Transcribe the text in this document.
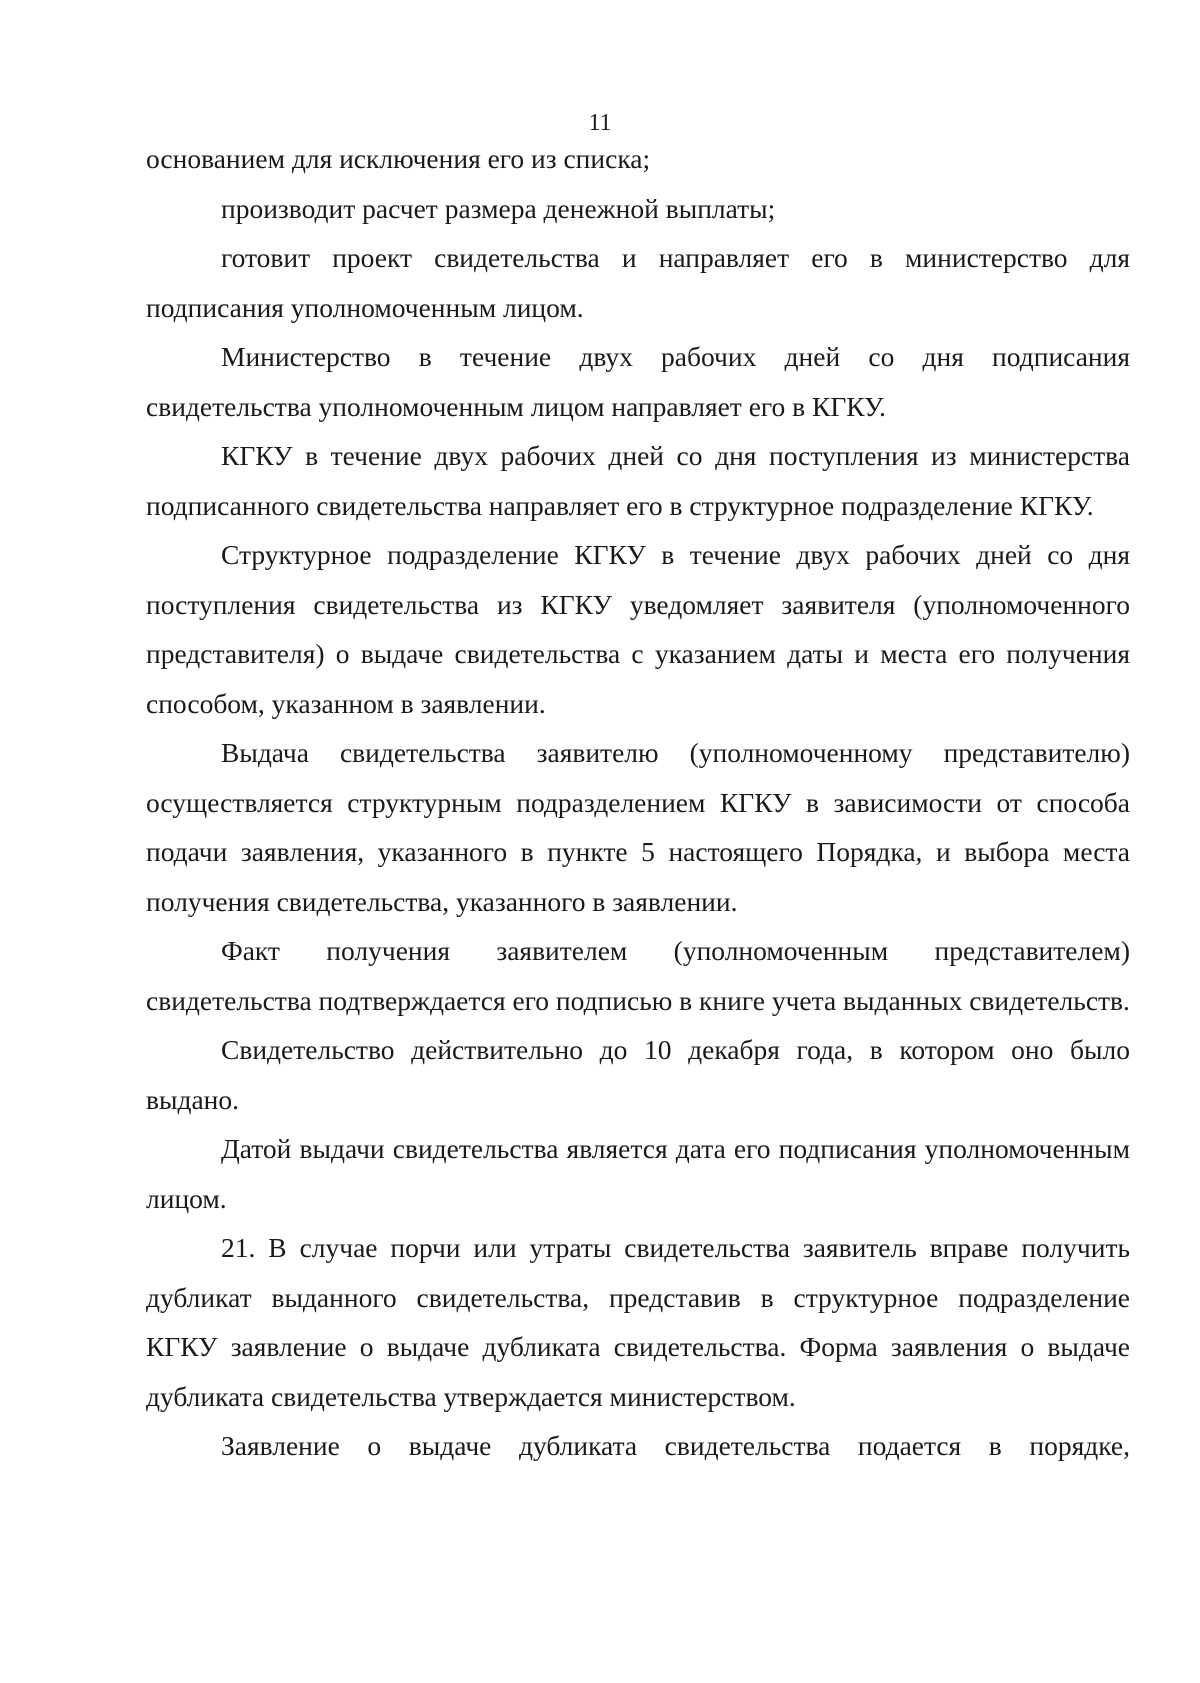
11

основанием для исключения его из списка;

производит расчет размера денежной выплаты;

готовит проект свидетельства и направляет его в министерство для подписания уполномоченным лицом.

Министерство в течение двух рабочих дней со дня подписания свидетельства уполномоченным лицом направляет его в КГКУ.

КГКУ в течение двух рабочих дней со дня поступления из министерства подписанного свидетельства направляет его в структурное подразделение КГКУ.

Структурное подразделение КГКУ в течение двух рабочих дней со дня поступления свидетельства из КГКУ уведомляет заявителя (уполномоченного представителя) о выдаче свидетельства с указанием даты и места его получения способом, указанном в заявлении.

Выдача свидетельства заявителю (уполномоченному представителю) осуществляется структурным подразделением КГКУ в зависимости от способа подачи заявления, указанного в пункте 5 настоящего Порядка, и выбора места получения свидетельства, указанного в заявлении.

Факт получения заявителем (уполномоченным представителем) свидетельства подтверждается его подписью в книге учета выданных свидетельств.

Свидетельство действительно до 10 декабря года, в котором оно было выдано.

Датой выдачи свидетельства является дата его подписания уполномоченным лицом.

21. В случае порчи или утраты свидетельства заявитель вправе получить дубликат выданного свидетельства, представив в структурное подразделение КГКУ заявление о выдаче дубликата свидетельства. Форма заявления о выдаче дубликата свидетельства утверждается министерством.

Заявление о выдаче дубликата свидетельства подается в порядке,
